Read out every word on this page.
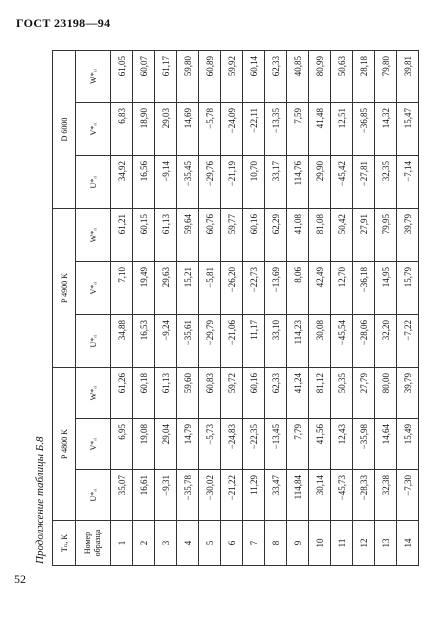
ГОСТ 23198—94
Продолжение таблицы Б.8 Tₙ, K	P 4800 K			P 4900 K			D 6000		
Номер образца	U*ᵣᵢ	V*ᵣᵢ	W*ᵣᵢ	U*ᵣᵢ	V*ᵣᵢ	W*ᵣᵢ	U*ᵣᵢ	V*ᵣᵢ	W*ᵣᵢ
1	35,07	6,95	61,26	34,88	7,10	61,21	34,92	6,83	61,05
2	16,61	19,08	60,18	16,53	19,49	60,15	16,56	18,90	60,07
3	−9,31	29,04	61,13	−9,24	29,63	61,13	−9,14	29,03	61,17
4	−35,78	14,79	59,60	−35,61	15,21	59,64	−35,45	14,69	59,80
5	−30,02	−5,73	60,83	−29,79	−5,81	60,76	−29,76	−5,78	60,89
6	−21,22	−24,83	59,72	−21,06	−26,20	59,77	−21,19	−24,09	59,92
7	11,29	−22,35	60,16	11,17	−22,73	60,16	10,70	−22,11	60,14
8	33,47	−13,45	62,33	33,10	−13,69	62,29	33,17	−13,35	62,33
9	114,84	7,79	41,24	114,23	8,06	41,08	114,76	7,59	40,85
10	30,14	41,56	81,12	30,08	42,49	81,08	29,90	41,48	80,99
11	−45,73	12,43	50,35	−45,54	12,70	50,42	−45,42	12,51	50,63
12	−28,33	−35,98	27,79	−28,06	−36,18	27,91	−27,81	−36,85	28,18
13	32,38	14,64	80,00	32,20	14,95	79,95	32,35	14,32	79,80
14	−7,30	15,49	39,79	−7,22	15,79	39,79	−7,14	15,47	39,81
52
